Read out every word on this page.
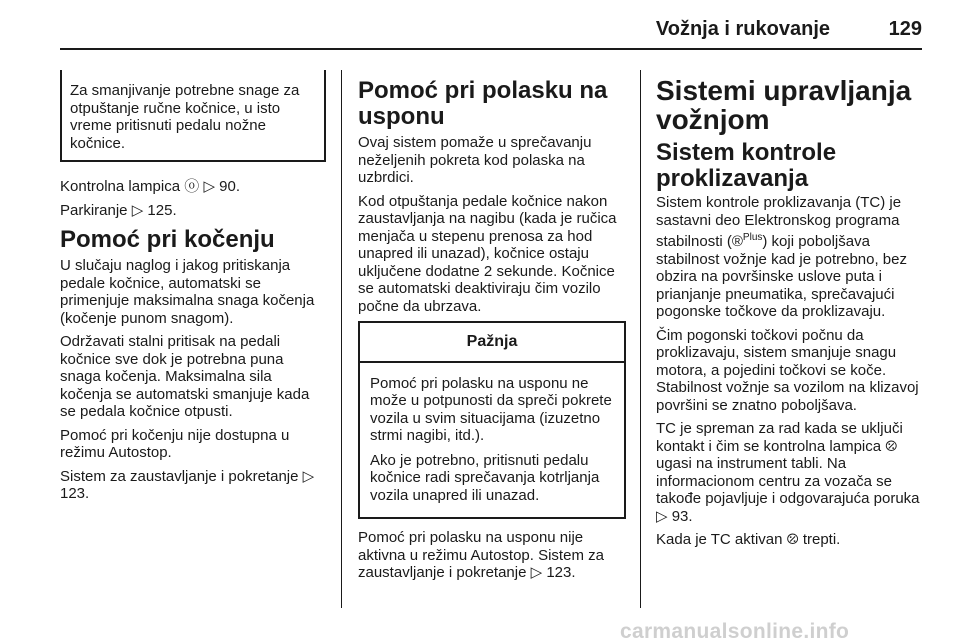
Vožnja i rukovanje	129

Za smanjivanje potrebne snage za otpuštanje ručne kočnice, u isto vreme pritisnuti pedalu nožne kočnice.

Kontrolna lampica ⓞ ▷ 90.

Parkiranje ▷ 125.

Pomoć pri kočenju

U slučaju naglog i jakog pritiskanja pedale kočnice, automatski se primenjuje maksimalna snaga kočenja (kočenje punom snagom).

Održavati stalni pritisak na pedali kočnice sve dok je potrebna puna snaga kočenja. Maksimalna sila kočenja se automatski smanjuje kada se pedala kočnice otpusti.

Pomoć pri kočenju nije dostupna u režimu Autostop.

Sistem za zaustavljanje i pokretanje ▷ 123.

Pomoć pri polasku na usponu

Ovaj sistem pomaže u sprečavanju neželjenih pokreta kod polaska na uzbrdici.

Kod otpuštanja pedale kočnice nakon zaustavljanja na nagibu (kada je ručica menjača u stepenu prenosa za hod unapred ili unazad), kočnice ostaju uključene dodatne 2 sekunde. Kočnice se automatski deaktiviraju čim vozilo počne da ubrzava.

Pažnja

Pomoć pri polasku na usponu ne može u potpunosti da spreči pokrete vozila u svim situacijama (izuzetno strmi nagibi, itd.).

Ako je potrebno, pritisnuti pedalu kočnice radi sprečavanja kotrljanja vozila unapred ili unazad.

Pomoć pri polasku na usponu nije aktivna u režimu Autostop. Sistem za zaustavljanje i pokretanje ▷ 123.

Sistemi upravljanja vožnjom
Sistem kontrole proklizavanja

Sistem kontrole proklizavanja (TC) je sastavni deo Elektronskog programa stabilnosti (®$^{Plus}$) koji poboljšava stabilnost vožnje kad je potrebno, bez obzira na površinske uslove puta i prianjanje pneumatika, sprečavajući pogonske točkove da proklizavaju.

Čim pogonski točkovi počnu da proklizavaju, sistem smanjuje snagu motora, a pojedini točkovi se koče. Stabilnost vožnje sa vozilom na klizavoj površini se znatno poboljšava.

TC je spreman za rad kada se uključi kontakt i čim se kontrolna lampica ⦼ ugasi na instrument tabli. Na informacionom centru za vozača se takođe pojavljuje i odgovarajuća poruka ▷ 93.

Kada je TC aktivan ⦼ trepti.

carmanualsonline.info
